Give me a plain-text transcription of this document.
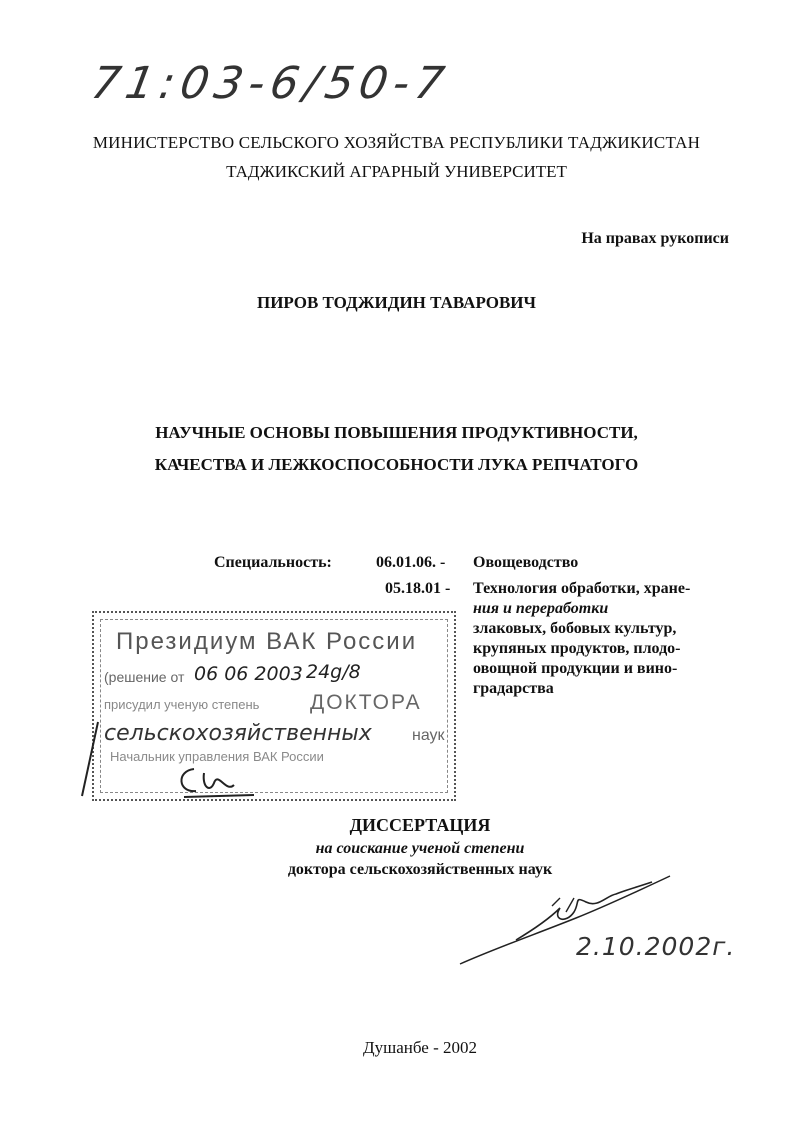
71:03-6/50-7
МИНИСТЕРСТВО СЕЛЬСКОГО ХОЗЯЙСТВА РЕСПУБЛИКИ ТАДЖИКИСТАН
ТАДЖИКСКИЙ АГРАРНЫЙ УНИВЕРСИТЕТ
На правах рукописи
ПИРОВ ТОДЖИДИН ТАВАРОВИЧ
НАУЧНЫЕ ОСНОВЫ ПОВЫШЕНИЯ ПРОДУКТИВНОСТИ,
КАЧЕСТВА И ЛЕЖКОСПОСОБНОСТИ ЛУКА РЕПЧАТОГО
Специальность:	06.01.06. - Овощеводство
05.18.01 - Технология обработки, хране-
ния и переработки
злаковых, бобовых культур,
крупяных продуктов, плодо-
овощной продукции и вино-
градарства
Президиум ВАК России
(решение от 06 06 2003 24g/8
присудил ученую степень ДОКТОРА
сельскохозяйственных	наук
Начальник управления ВАК России
ДИССЕРТАЦИЯ
на соискание ученой степени
доктора сельскохозяйственных наук
2.10.2002г.
Душанбе - 2002
